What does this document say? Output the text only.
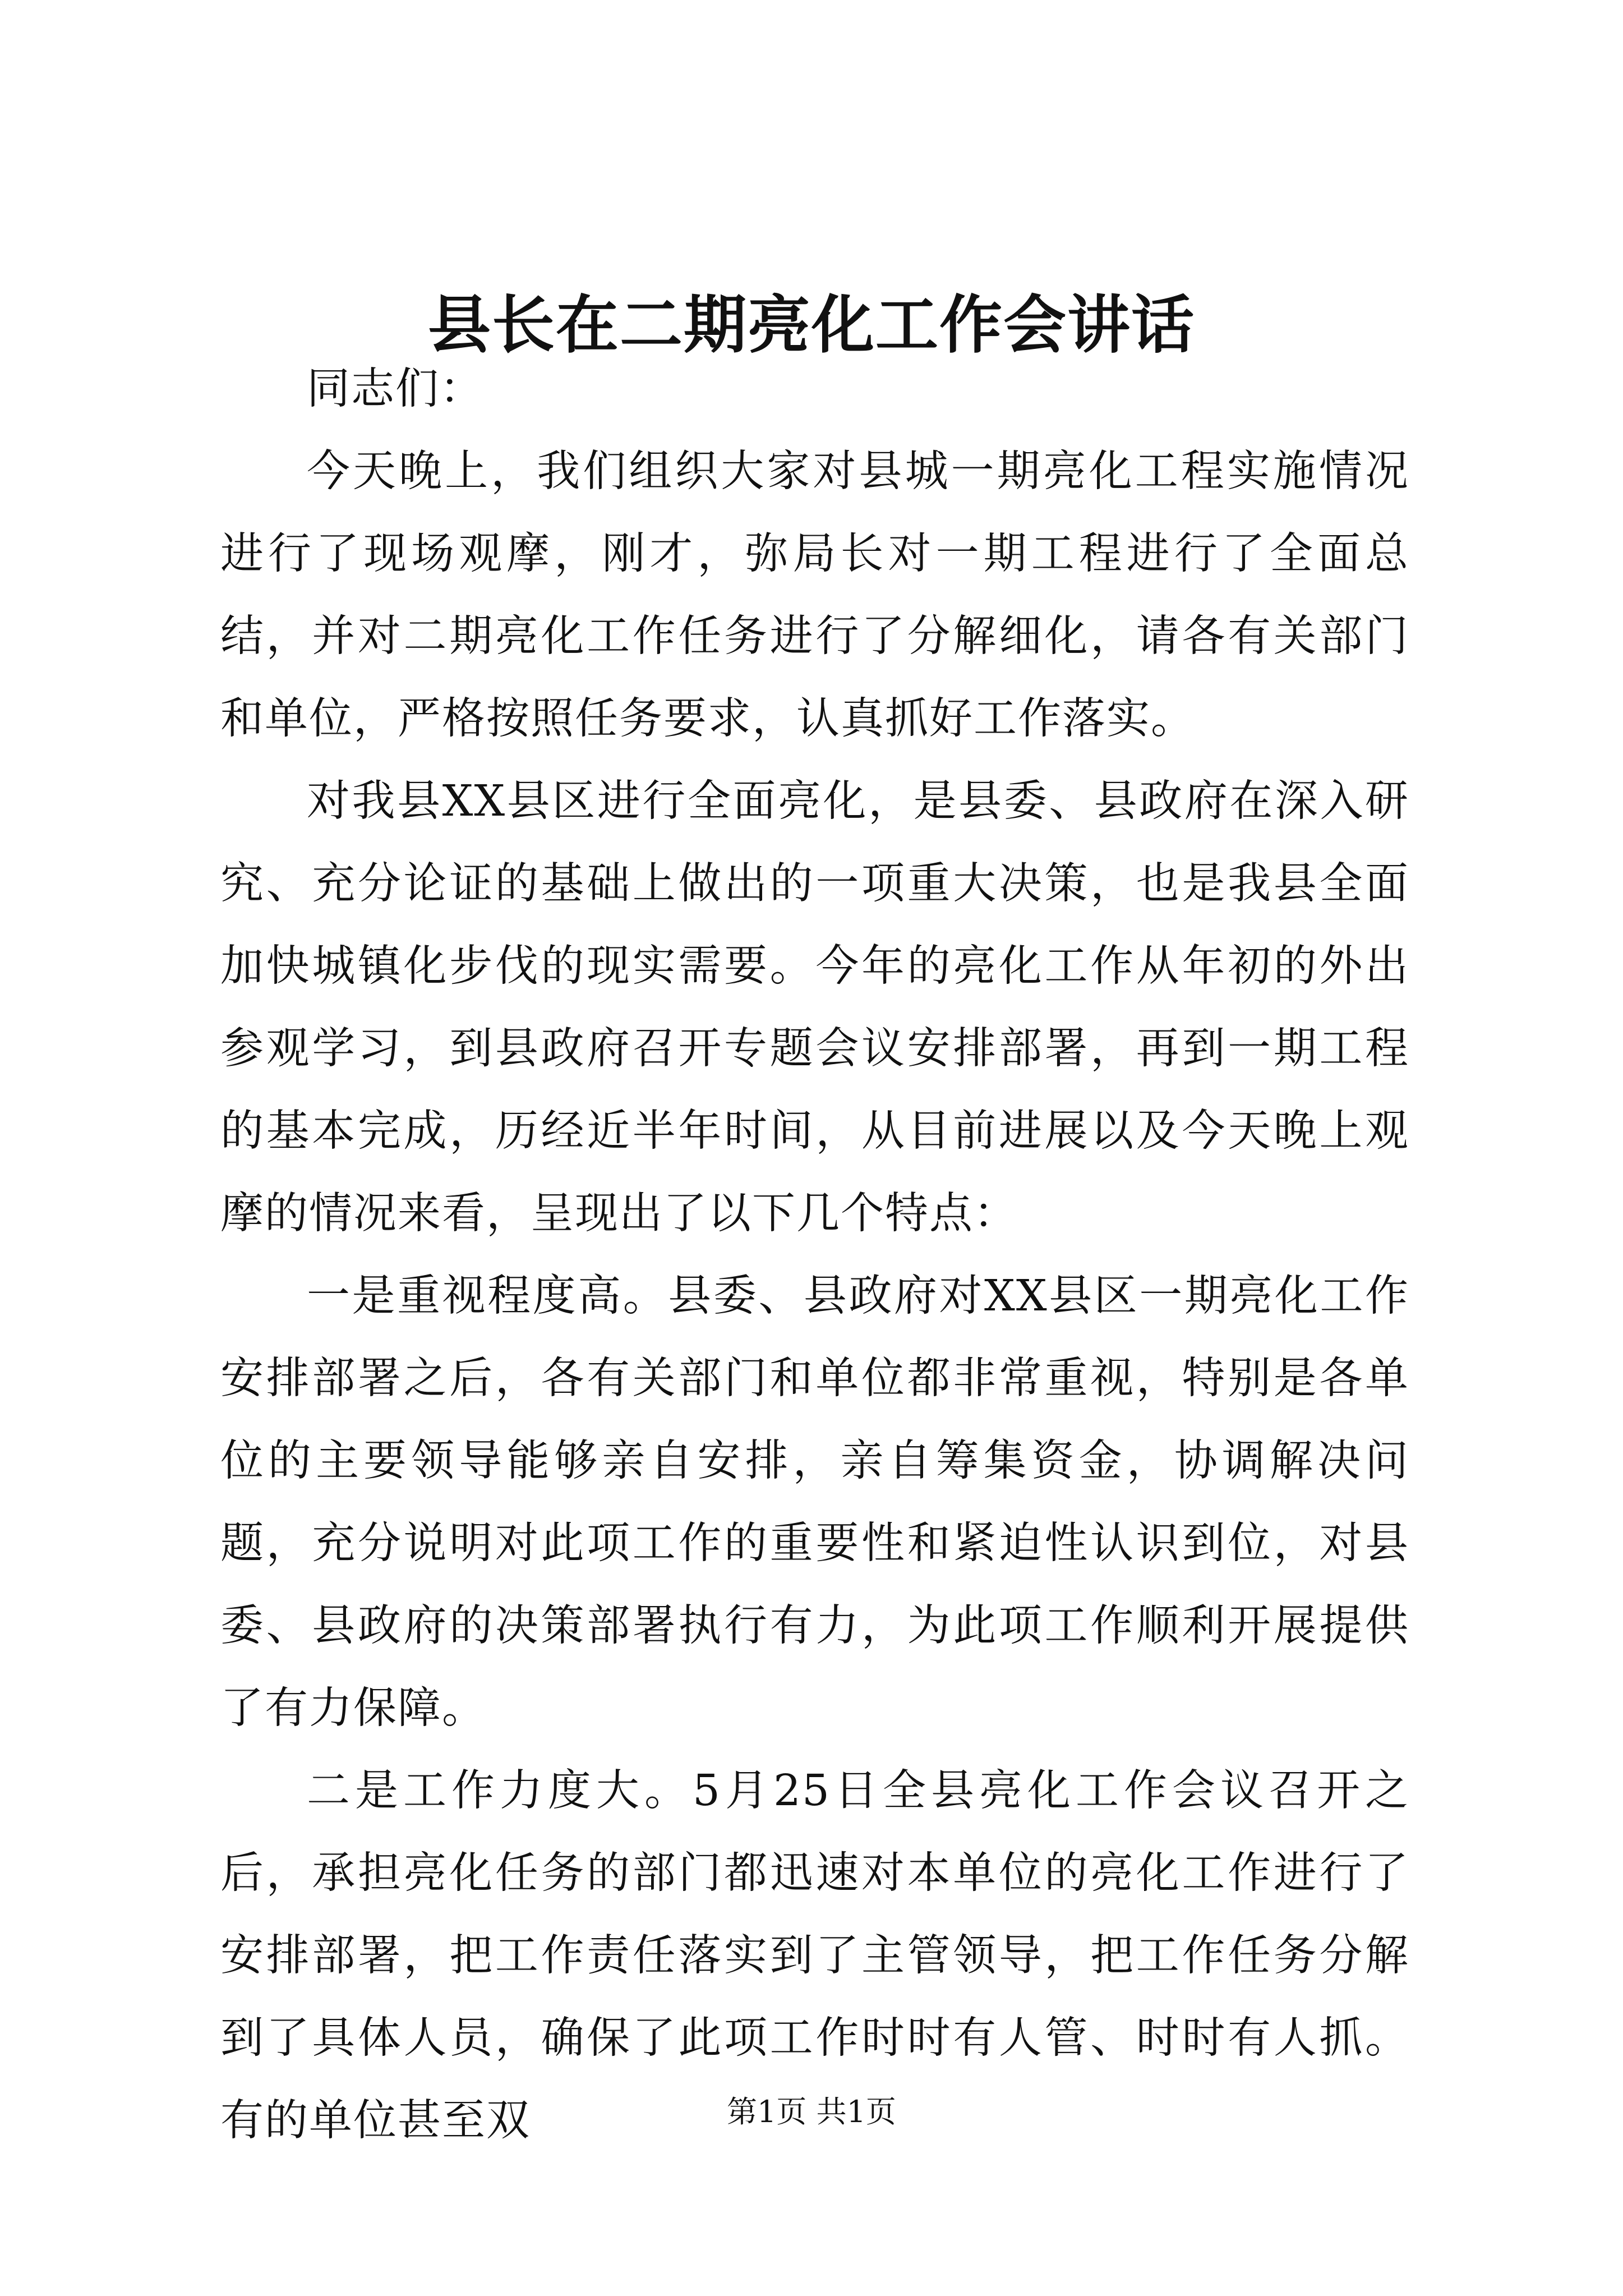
县长在二期亮化工作会讲话

同志们：

今天晚上，我们组织大家对县城一期亮化工程实施情况进行了现场观摩，刚才，弥局长对一期工程进行了全面总结，并对二期亮化工作任务进行了分解细化，请各有关部门和单位，严格按照任务要求，认真抓好工作落实。

对我县XX县区进行全面亮化，是县委、县政府在深入研究、充分论证的基础上做出的一项重大决策，也是我县全面加快城镇化步伐的现实需要。今年的亮化工作从年初的外出参观学习，到县政府召开专题会议安排部署，再到一期工程的基本完成，历经近半年时间，从目前进展以及今天晚上观摩的情况来看，呈现出了以下几个特点：

一是重视程度高。县委、县政府对XX县区一期亮化工作安排部署之后，各有关部门和单位都非常重视，特别是各单位的主要领导能够亲自安排，亲自筹集资金，协调解决问题，充分说明对此项工作的重要性和紧迫性认识到位，对县委、县政府的决策部署执行有力，为此项工作顺利开展提供了有力保障。

二是工作力度大。5月25日全县亮化工作会议召开之后，承担亮化任务的部门都迅速对本单位的亮化工作进行了安排部署，把工作责任落实到了主管领导，把工作任务分解到了具体人员，确保了此项工作时时有人管、时时有人抓。有的单位甚至双	第1页 共1页
